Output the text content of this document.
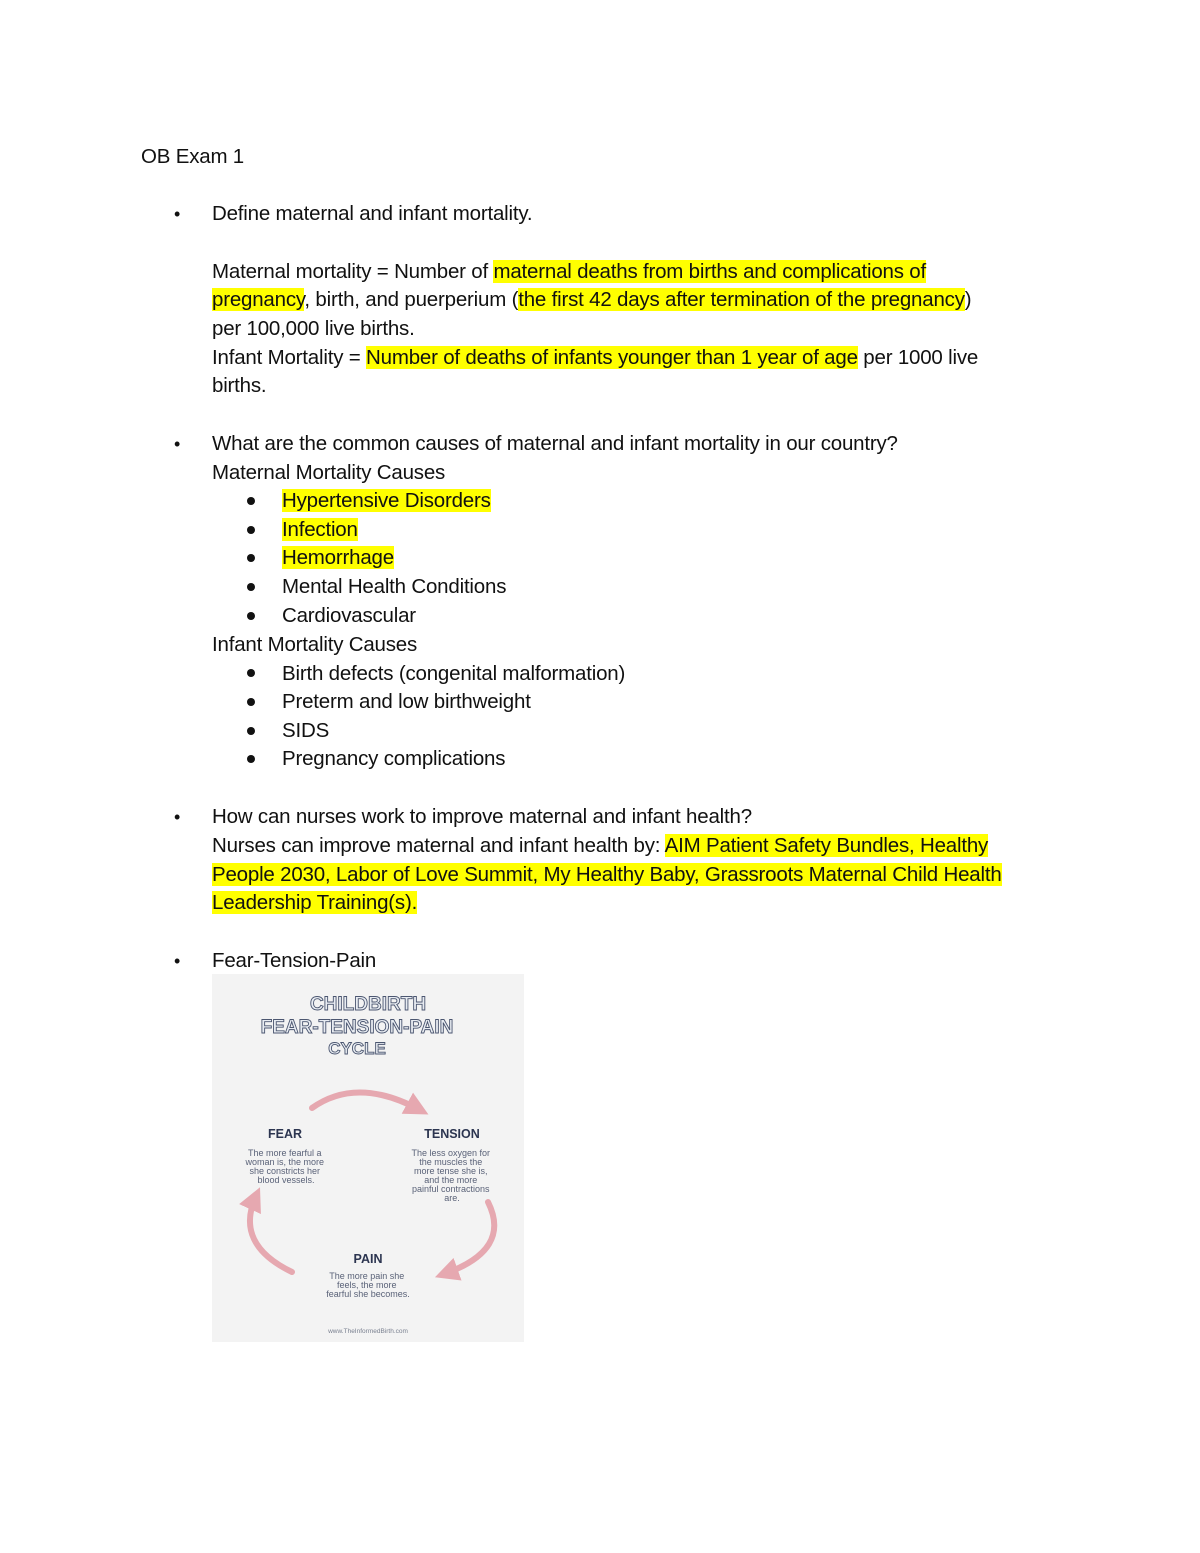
OB Exam 1
• Define maternal and infant mortality.
Maternal mortality = Number of maternal deaths from births and complications of
pregnancy, birth, and puerperium (the first 42 days after termination of the pregnancy)
per 100,000 live births.
Infant Mortality = Number of deaths of infants younger than 1 year of age per 1000 live
births.
• What are the common causes of maternal and infant mortality in our country?
Maternal Mortality Causes
Hypertensive Disorders
Infection
Hemorrhage
Mental Health Conditions
Cardiovascular
Infant Mortality Causes
Birth defects (congenital malformation)
Preterm and low birthweight
SIDS
Pregnancy complications
• How can nurses work to improve maternal and infant health?
Nurses can improve maternal and infant health by: AIM Patient Safety Bundles, Healthy
People 2030, Labor of Love Summit, My Healthy Baby, Grassroots Maternal Child Health
Leadership Training(s).
• Fear-Tension-Pain
CHILDBIRTH
FEAR-TENSION-PAIN
CYCLE
FEAR
The more fearful a woman is, the more she constricts her blood vessels.
TENSION
The less oxygen for the muscles the more tense she is, and the more painful contractions are.
PAIN
The more pain she feels, the more fearful she becomes.
www.TheInformedBirth.com
